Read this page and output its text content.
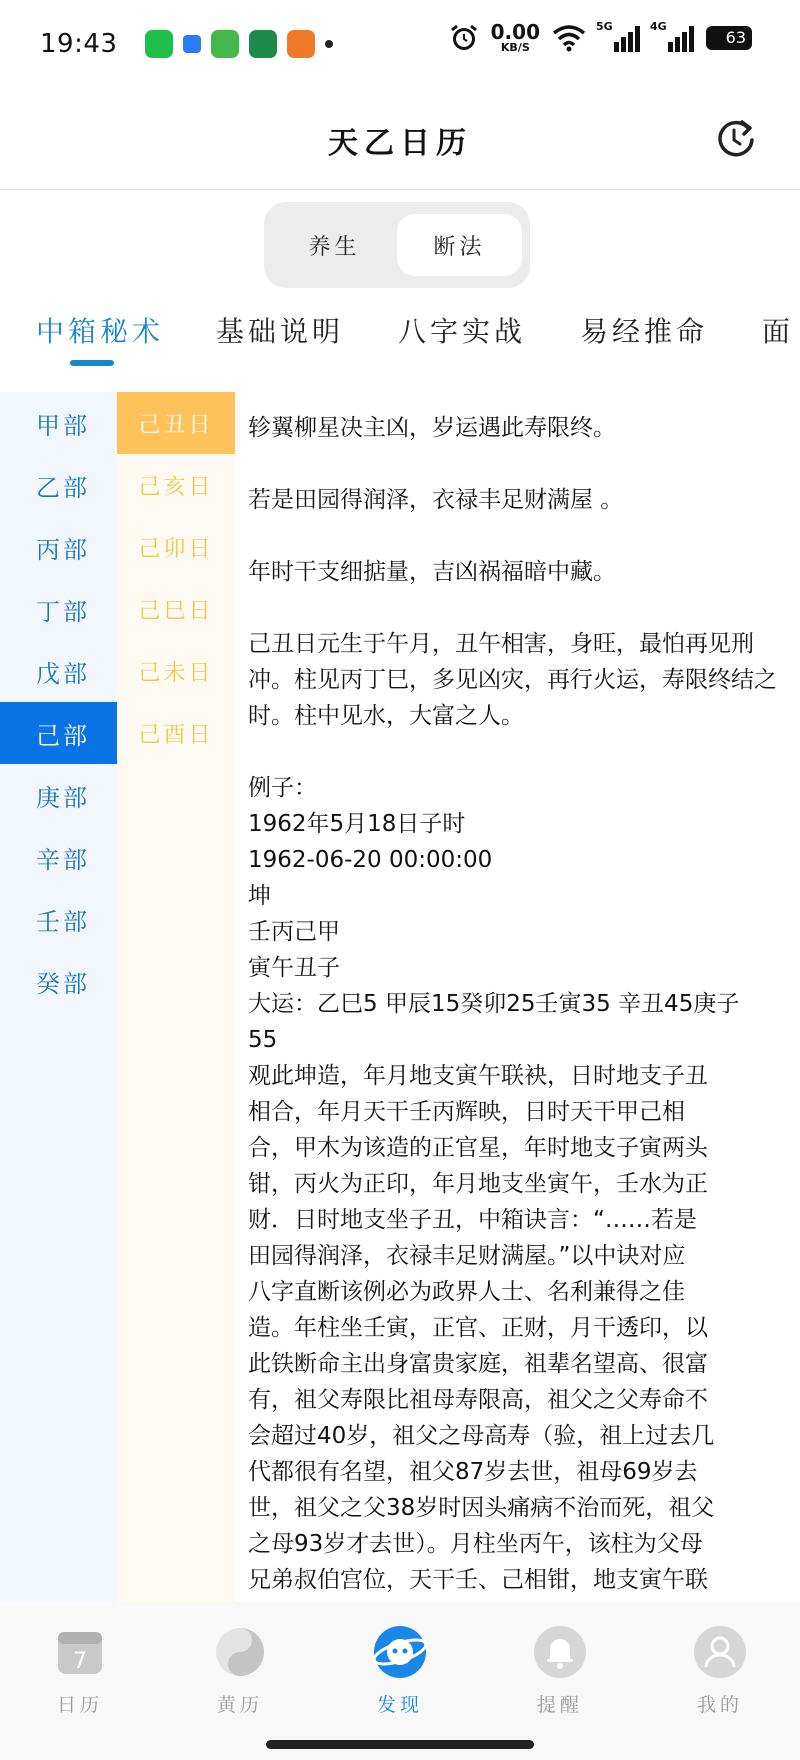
19:43	0.00
KB/S
5G	4G
63
天乙日历
养生	断法
中箱秘术 基础说明 八字实战 易经推命 面
甲部
乙部
丙部
丁部
戊部
己部
庚部
辛部
壬部
癸部
己丑日
己亥日
己卯日
己巳日
己未日
己酉日
轸翼柳星决主凶，岁运遇此寿限终。
若是田园得润泽，衣禄丰足财满屋 。
年时干支细掂量，吉凶祸福暗中藏。
己丑日元生于午月，丑午相害，身旺，最怕再见刑冲。柱见丙丁巳，多见凶灾，再行火运，寿限终结之时。柱中见水，大富之人。
例子：
1962年5月18日子时
1962-06-20 00:00:00
坤
壬丙己甲
寅午丑子
大运：乙巳5 甲辰15癸卯25壬寅35 辛丑45庚子
55
观此坤造，年月地支寅午联袂，日时地支子丑
相合，年月天干壬丙辉映，日时天干甲己相
合，甲木为该造的正官星，年时地支子寅两头
钳，丙火为正印，年月地支坐寅午，壬水为正
财．日时地支坐子丑，中箱诀言：“……若是
田园得润泽，衣禄丰足财满屋。”以中诀对应
八字直断该例必为政界人士、名利兼得之佳
造。年柱坐壬寅，正官、正财，月干透印，以
此铁断命主出身富贵家庭，祖辈名望高、很富
有，祖父寿限比祖母寿限高，祖父之父寿命不
会超过40岁，祖父之母高寿（验，祖上过去几
代都很有名望，祖父87岁去世，祖母69岁去
世，祖父之父38岁时因头痛病不治而死，祖父
之母93岁才去世）。月柱坐丙午，该柱为父母
兄弟叔伯宫位，天干壬、己相钳，地支寅午联
7
日历	黄历	发现	提醒	我的
